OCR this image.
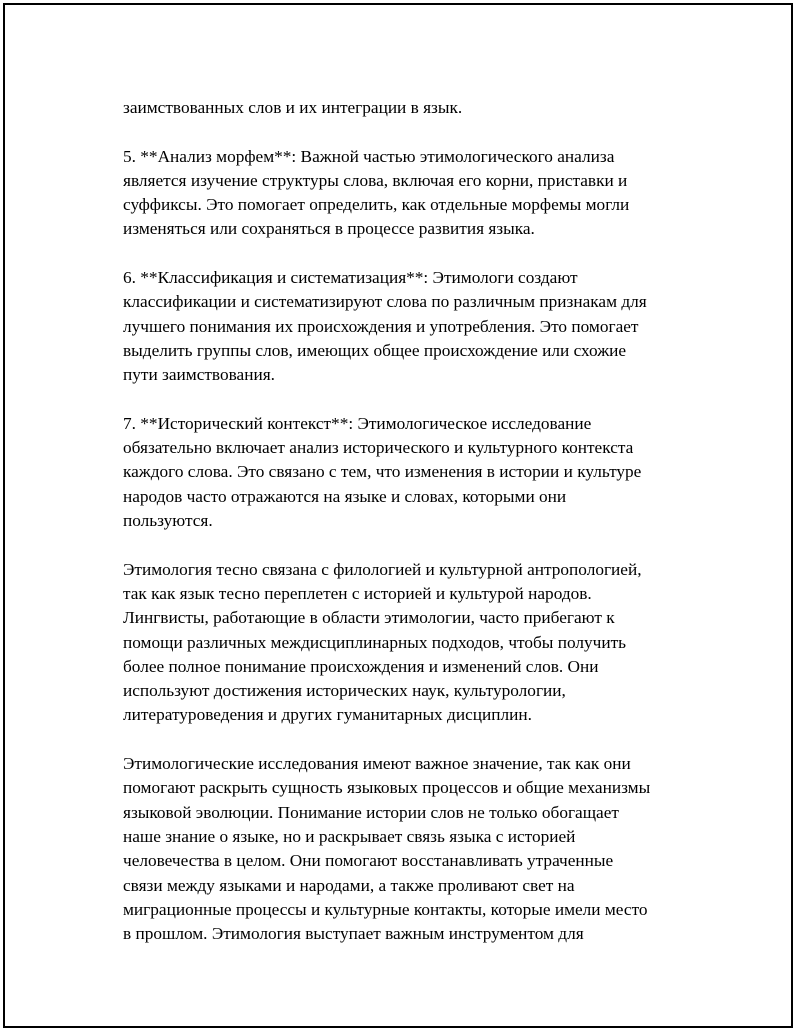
заимствованных слов и их интеграции в язык.

5. **Анализ морфем**: Важной частью этимологического анализа
является изучение структуры слова, включая его корни, приставки и
суффиксы. Это помогает определить, как отдельные морфемы могли
изменяться или сохраняться в процессе развития языка.

6. **Классификация и систематизация**: Этимологи создают
классификации и систематизируют слова по различным признакам для
лучшего понимания их происхождения и употребления. Это помогает
выделить группы слов, имеющих общее происхождение или схожие
пути заимствования.

7. **Исторический контекст**: Этимологическое исследование
обязательно включает анализ исторического и культурного контекста
каждого слова. Это связано с тем, что изменения в истории и культуре
народов часто отражаются на языке и словах, которыми они
пользуются.

Этимология тесно связана с филологией и культурной антропологией,
так как язык тесно переплетен с историей и культурой народов.
Лингвисты, работающие в области этимологии, часто прибегают к
помощи различных междисциплинарных подходов, чтобы получить
более полное понимание происхождения и изменений слов. Они
используют достижения исторических наук, культурологии,
литературоведения и других гуманитарных дисциплин.

Этимологические исследования имеют важное значение, так как они
помогают раскрыть сущность языковых процессов и общие механизмы
языковой эволюции. Понимание истории слов не только обогащает
наше знание о языке, но и раскрывает связь языка с историей
человечества в целом. Они помогают восстанавливать утраченные
связи между языками и народами, а также проливают свет на
миграционные процессы и культурные контакты, которые имели место
в прошлом. Этимология выступает важным инструментом для
